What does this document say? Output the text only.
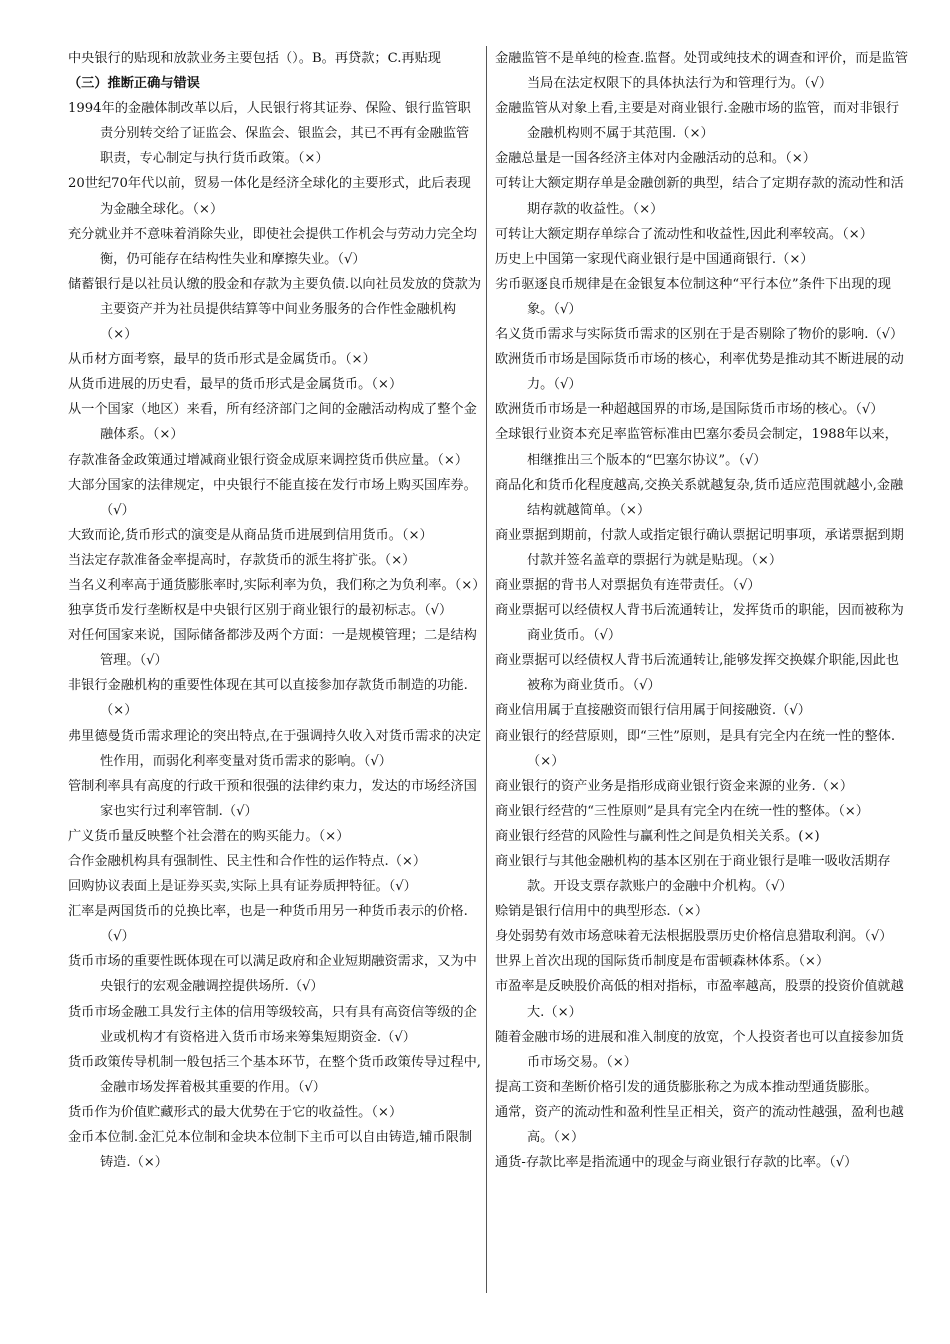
中央银行的贴现和放款业务主要包括（）。B。再贷款；C.再贴现
（三）推断正确与错误
1994年的金融体制改革以后，人民银行将其证券、保险、银行监管职责分别转交给了证监会、保监会、银监会，其已不再有金融监管职责，专心制定与执行货币政策。（×）
20世纪70年代以前，贸易一体化是经济全球化的主要形式，此后表现为金融全球化。（×）
充分就业并不意味着消除失业，即使社会提供工作机会与劳动力完全均衡，仍可能存在结构性失业和摩擦失业。（√）
储蓄银行是以社员认缴的股金和存款为主要负债.以向社员发放的贷款为主要资产并为社员提供结算等中间业务服务的合作性金融机构（×）
从币材方面考察，最早的货币形式是金属货币。（×）
从货币进展的历史看，最早的货币形式是金属货币。（×）
从一个国家（地区）来看，所有经济部门之间的金融活动构成了整个金融体系。（×）
存款准备金政策通过增减商业银行资金成原来调控货币供应量。（×）
大部分国家的法律规定，中央银行不能直接在发行市场上购买国库券。（√）
大致而论,货币形式的演变是从商品货币进展到信用货币。（×）
当法定存款准备金率提高时，存款货币的派生将扩张。（×）
当名义利率高于通货膨胀率时,实际利率为负，我们称之为负利率。（×）
独享货币发行垄断权是中央银行区别于商业银行的最初标志。（√）
对任何国家来说，国际储备都涉及两个方面：一是规模管理；二是结构管理。（√）
非银行金融机构的重要性体现在其可以直接参加存款货币制造的功能.（×）
弗里德曼货币需求理论的突出特点,在于强调持久收入对货币需求的决定性作用，而弱化利率变量对货币需求的影响。（√）
管制利率具有高度的行政干预和很强的法律约束力，发达的市场经济国家也实行过利率管制.（√）
广义货币量反映整个社会潜在的购买能力。（×）
合作金融机构具有强制性、民主性和合作性的运作特点.（×）
回购协议表面上是证券买卖,实际上具有证券质押特征。（√）
汇率是两国货币的兑换比率，也是一种货币用另一种货币表示的价格.（√）
货币市场的重要性既体现在可以满足政府和企业短期融资需求，又为中央银行的宏观金融调控提供场所.（√）
货币市场金融工具发行主体的信用等级较高，只有具有高资信等级的企业或机构才有资格进入货币市场来筹集短期资金.（√）
货币政策传导机制一般包括三个基本环节，在整个货币政策传导过程中,金融市场发挥着极其重要的作用。（√）
货币作为价值贮藏形式的最大优势在于它的收益性。（×）
金币本位制.金汇兑本位制和金块本位制下主币可以自由铸造,辅币限制铸造.（×）
金融监管不是单纯的检查.监督。处罚或纯技术的调查和评价，而是监管当局在法定权限下的具体执法行为和管理行为。（√）
金融监管从对象上看,主要是对商业银行.金融市场的监管，而对非银行金融机构则不属于其范围.（×）
金融总量是一国各经济主体对内金融活动的总和。（×）
可转让大额定期存单是金融创新的典型，结合了定期存款的流动性和活期存款的收益性。（×）
可转让大额定期存单综合了流动性和收益性,因此利率较高。（×）
历史上中国第一家现代商业银行是中国通商银行.（×）
劣币驱逐良币规律是在金银复本位制这种“平行本位”条件下出现的现象。（√）
名义货币需求与实际货币需求的区别在于是否剔除了物价的影响.（√）
欧洲货币市场是国际货币市场的核心，利率优势是推动其不断进展的动力。（√）
欧洲货币市场是一种超越国界的市场,是国际货币市场的核心。（√）
全球银行业资本充足率监管标准由巴塞尔委员会制定，1988年以来，相继推出三个版本的“巴塞尔协议”。（√）
商品化和货币化程度越高,交换关系就越复杂,货币适应范围就越小,金融结构就越简单。（×）
商业票据到期前，付款人或指定银行确认票据记明事项，承诺票据到期付款并签名盖章的票据行为就是贴现。（×）
商业票据的背书人对票据负有连带责任。（√）
商业票据可以经债权人背书后流通转让，发挥货币的职能，因而被称为商业货币。（√）
商业票据可以经债权人背书后流通转让,能够发挥交换媒介职能,因此也被称为商业货币。（√）
商业信用属于直接融资而银行信用属于间接融资.（√）
商业银行的经营原则，即“三性”原则，是具有完全内在统一性的整体.（×）
商业银行的资产业务是指形成商业银行资金来源的业务.（×）
商业银行经营的“三性原则”是具有完全内在统一性的整体。（×）
商业银行经营的风险性与赢利性之间是负相关关系。(×)
商业银行与其他金融机构的基本区别在于商业银行是唯一吸收活期存款。开设支票存款账户的金融中介机构。（√）
赊销是银行信用中的典型形态.（×）
身处弱势有效市场意味着无法根据股票历史价格信息猎取利润。（√）
世界上首次出现的国际货币制度是布雷顿森林体系。（×）
市盈率是反映股价高低的相对指标，市盈率越高，股票的投资价值就越大.（×）
随着金融市场的进展和准入制度的放宽，个人投资者也可以直接参加货币市场交易。（×）
提高工资和垄断价格引发的通货膨胀称之为成本推动型通货膨胀。
通常，资产的流动性和盈利性呈正相关，资产的流动性越强，盈利也越高。（×）
通货-存款比率是指流通中的现金与商业银行存款的比率。（√）
